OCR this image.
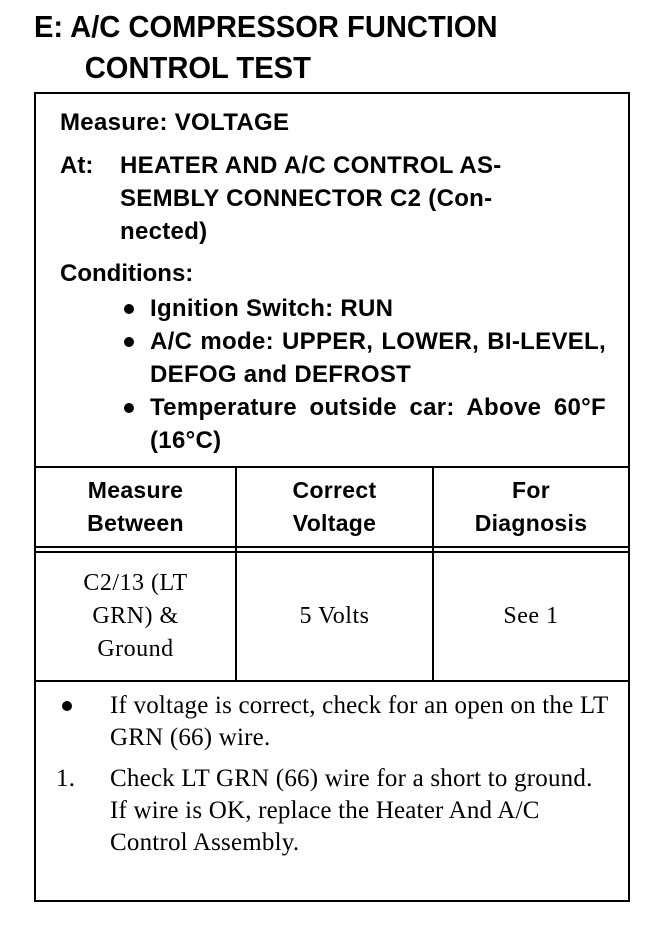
E: A/C COMPRESSOR FUNCTION
CONTROL TEST
Measure: VOLTAGE
At: HEATER AND A/C CONTROL AS-
SEMBLY CONNECTOR C2 (Con-
nected)
Conditions:
Ignition Switch: RUN
A/C mode: UPPER, LOWER, BI-LEVEL, DEFOG and DEFROST
Temperature outside car: Above 60°F (16°C)
Measure Between
Correct Voltage
For Diagnosis
C2/13 (LT GRN) & Ground
5 Volts	See 1
If voltage is correct, check for an open on the LT GRN (66) wire.
1.	Check LT GRN (66) wire for a short to ground. If wire is OK, replace the Heater And A/C Control Assembly.
